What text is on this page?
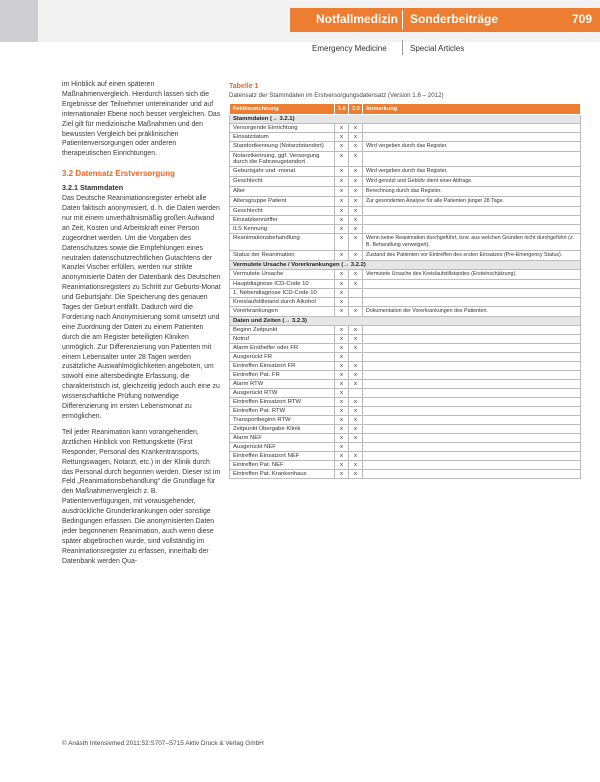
Notfallmedizin Sonderbeiträge	709
Emergency Medicine	Special Articles

im Hinblick auf einen späteren Maßnahmenvergleich. Hierdurch lassen sich die Ergebnisse der Teilnehmer untereinander und auf internationaler Ebene noch besser vergleichen. Das Ziel gilt für medizinische Maßnahmen und den bewussten Vergleich bei präklinischen Patientenversorgungen oder anderen therapeutischen Einrichtungen.

3.2 Datensatz Erstversorgung
3.2.1 Stammdaten

Das Deutsche Reanimationsregister erhebt alle Daten faktisch anonymisiert, d. h. die Daten werden nur mit einem unverhältnismäßig großen Aufwand an Zeit, Kosten und Arbeitskraft einer Person zugeordnet werden. Um die Vorgaben des Datenschutzes sowie die Empfehlungen eines neutralen datenschutzrechtlichen Gutachtens der Kanzlei Vischer erfüllen, werden nur strikte anonymisierte Daten der Datenbank des Deutschen Reanimationsregisters zu Schritt zur Geburts-Monat und Geburtsjahr. Die Speicherung des genauen Tages der Geburt entfällt. Dadurch wird die Forderung nach Anonymisierung somit umsetzt und eine Zuordnung der Daten zu einem Patienten durch die am Register beteiligten Kliniken unmöglich. Zur Differenzierung von Patienten mit einem Lebensalter unter 28 Tagen werden zusätzliche Auswahlmöglichkeiten angeboten, um sowohl eine altersbedingte Erfassung, die charakteristisch ist, gleichzeitig jedoch auch eine zu wissenschaftliche Prüfung notwendige Differenzierung im ersten Lebensmonat zu ermöglichen.

Teil jeder Reanimation kann vorangehenden, ärztlichen Hinblick von Rettungskette (First Responder, Personal des Krankentransports, Rettungswagen, Notarzt, etc.) in der Klinik durch das Personal durch begonnen werden. Dieser ist im Feld „Reanimationsbehandlung“ die Grundlage für den Maßnahmenvergleich z. B. Patientenverfügungen, mit vorausgehender, ausdrückliche Grunderkrankungen oder sonstige Bedingungen erfassen. Die anonymisierten Daten jeder begonnenen Reanimation, auch wenn diese später abgebrochen wurde, sind vollständig im Reanimationsregister zu erfassen, innerhalb der Datenbank werden Qua-

Tabelle 1
Datensatz der Stammdaten im Erstversorgungsdatensatz (Version 1.6 – 2012)
Feldbezeichnung	1.6	2.0	Anmerkung
Stammdaten (→ 3.2.1)			
Versorgende Einrichtung	x	x	
Einsatzdatum	x	x	
Standortkennung (Notarztstandort)	x	x	Wird vergeben durch das Register.
Notarztkennung, ggf. Versorgung durch die Fahrzeugstandort	x	x	
Geburtsjahr und -monat	x	x	Wird vergeben durch das Register.
Geschlecht	x	x	Wird genutzt und Gebühr dient einer Abfrage.
Alter	x	x	Berechnung durch das Register.
Altersgruppe Patient	x	x	Zur gesonderten Analyse für alle Patienten jünger 28 Tage.
Geschlecht	x	x	
Einsatzkennziffer	x	x	
ILS Kennung	x	x	
Reanimationsbehandlung	x	x	Wenn keine Reanimation durchgeführt, bzw. aus welchen Gründen nicht durchgeführt (z. B. Behandlung verweigert).
Status der Reanimation	x	x	Zustand des Patienten vor Eintreffen des ersten Einsatzes (Pre-Emergency Status).
Vermutete Ursache / Vorerkrankungen (→ 3.2.2)			
Vermutete Ursache	x	x	Vermutete Ursache des Kreislaufstillstandes (Ersteinschätzung).
Hauptdiagnose ICD-Code 10	x	x	
1. Nebendiagnose ICD-Code 10	x		
Kreislaufstillstand durch Alkohol	x		
Vorerkrankungen	x	x	Dokumentation der Vorerkrankungen des Patienten.
Daten und Zeiten (→ 3.2.3)			
Beginn Zeitpunkt	x	x	
Notruf	x	x	
Alarm Ersthelfer oder FR	x	x	
Ausgerückt FR	x		
Eintreffen Einsatzort FR	x	x	
Eintreffen Pat. FR	x	x	
Alarm RTW	x	x	
Ausgerückt RTW	x		
Eintreffen Einsatzort RTW	x	x	
Eintreffen Pat. RTW	x	x	
Transportbeginn RTW	x	x	
Zeitpunkt Übergabe Klinik	x	x	
Alarm NEF	x	x	
Ausgerückt NEF	x		
Eintreffen Einsatzort NEF	x	x	
Eintreffen Pat. NEF	x	x	
Eintreffen Pat. Krankenhaus	x	x	
© Anästh Intensivmed 2011;52:S707–S715 Aktiv Druck & Verlag GmbH
